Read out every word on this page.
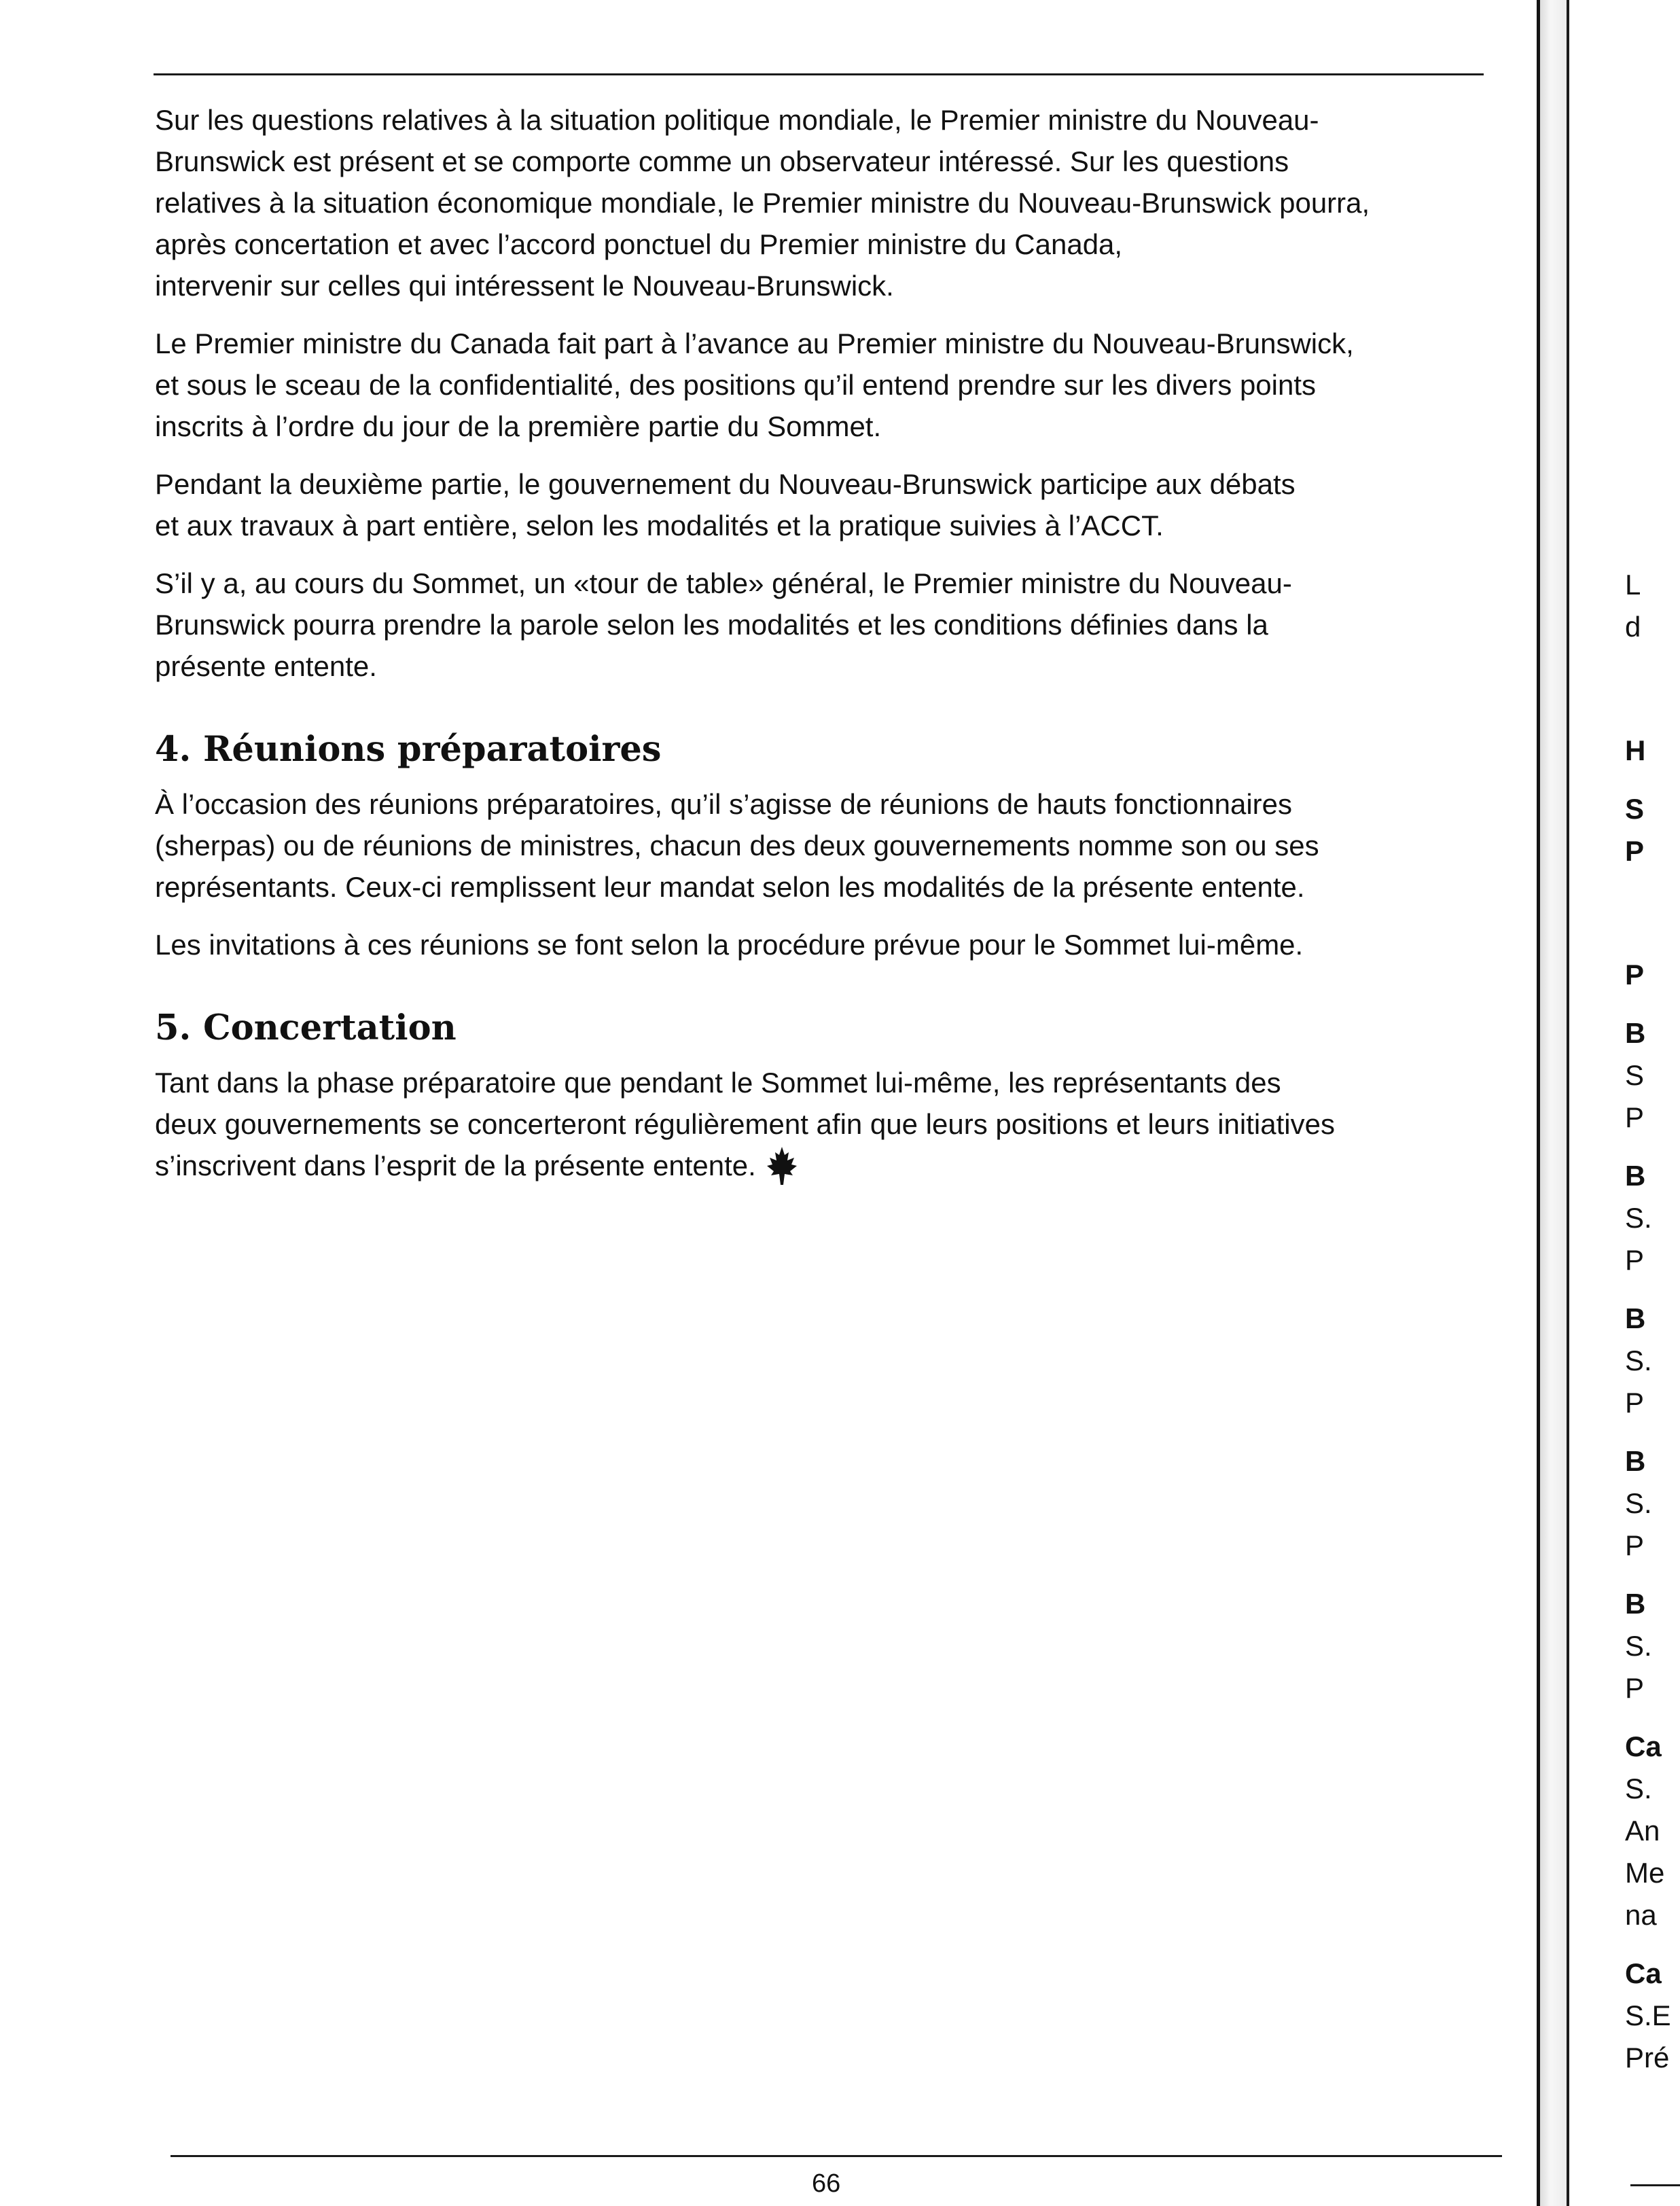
Sur les questions relatives à la situation politique mondiale, le Premier ministre du Nouveau-
Brunswick est présent et se comporte comme un observateur intéressé. Sur les questions
relatives à la situation économique mondiale, le Premier ministre du Nouveau-Brunswick pourra,
après concertation et avec l’accord ponctuel du Premier ministre du Canada,
intervenir sur celles qui intéressent le Nouveau-Brunswick.

Le Premier ministre du Canada fait part à l’avance au Premier ministre du Nouveau-Brunswick,
et sous le sceau de la confidentialité, des positions qu’il entend prendre sur les divers points
inscrits à l’ordre du jour de la première partie du Sommet.

Pendant la deuxième partie, le gouvernement du Nouveau-Brunswick participe aux débats
et aux travaux à part entière, selon les modalités et la pratique suivies à l’ACCT.

S’il y a, au cours du Sommet, un «tour de table» général, le Premier ministre du Nouveau-
Brunswick pourra prendre la parole selon les modalités et les conditions définies dans la
présente entente.

4. Réunions préparatoires

À l’occasion des réunions préparatoires, qu’il s’agisse de réunions de hauts fonctionnaires
(sherpas) ou de réunions de ministres, chacun des deux gouvernements nomme son ou ses
représentants. Ceux-ci remplissent leur mandat selon les modalités de la présente entente.

Les invitations à ces réunions se font selon la procédure prévue pour le Sommet lui-même.

5. Concertation

Tant dans la phase préparatoire que pendant le Sommet lui-même, les représentants des
deux gouvernements se concerteront régulièrement afin que leurs positions et leurs initiatives
s’inscrivent dans l’esprit de la présente entente.

66
L
d
H
S
P
P
B
S
P
B
S.
P
B
S.
P
B
S.
P
B
S.
P
Ca
S.
An
Me
na
Ca
S.E
Pré
